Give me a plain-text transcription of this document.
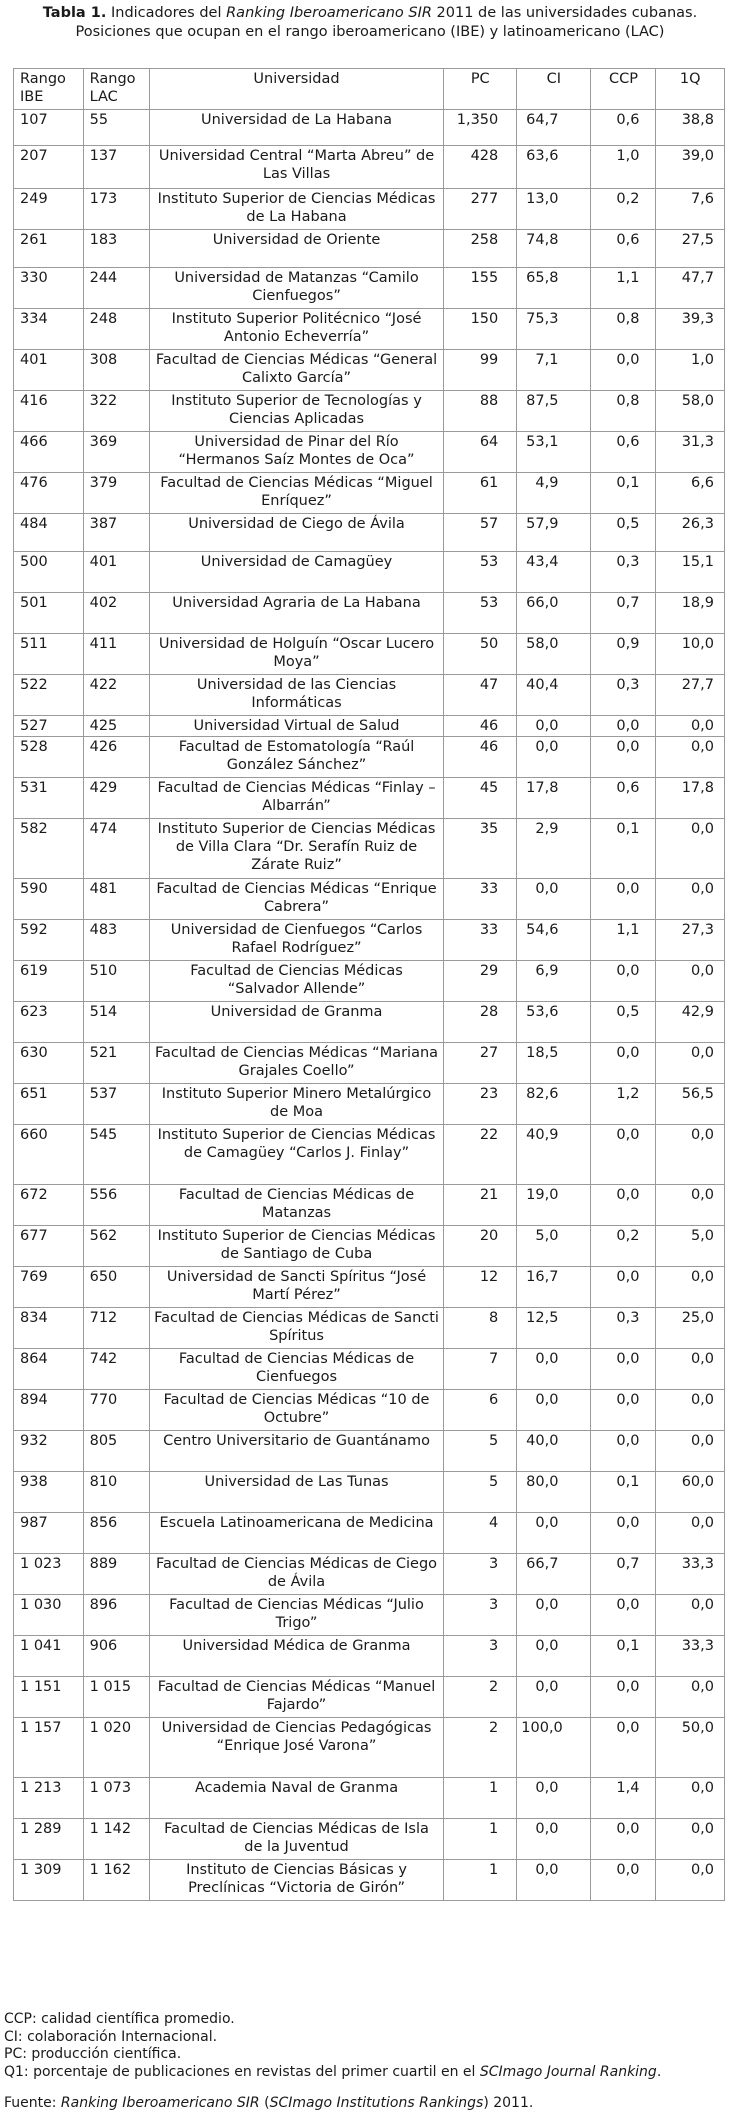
Tabla 1. Indicadores del Ranking Iberoamericano SIR 2011 de las universidades cubanas. Posiciones que ocupan en el rango iberoamericano (IBE) y latinoamericano (LAC)
Rango IBE	Rango LAC	Universidad	PC	CI	CCP	1Q
107	55	Universidad de La Habana	1,350	64,7	0,6	38,8
207	137	Universidad Central “Marta Abreu” de Las Villas	428	63,6	1,0	39,0
249	173	Instituto Superior de Ciencias Médicas de La Habana	277	13,0	0,2	7,6
261	183	Universidad de Oriente	258	74,8	0,6	27,5
330	244	Universidad de Matanzas “Camilo Cienfuegos”	155	65,8	1,1	47,7
334	248	Instituto Superior Politécnico “José Antonio Echeverría”	150	75,3	0,8	39,3
401	308	Facultad de Ciencias Médicas “General Calixto García”	99	7,1	0,0	1,0
416	322	Instituto Superior de Tecnologías y Ciencias Aplicadas	88	87,5	0,8	58,0
466	369	Universidad de Pinar del Río “Hermanos Saíz Montes de Oca”	64	53,1	0,6	31,3
476	379	Facultad de Ciencias Médicas “Miguel Enríquez”	61	4,9	0,1	6,6
484	387	Universidad de Ciego de Ávila	57	57,9	0,5	26,3
500	401	Universidad de Camagüey	53	43,4	0,3	15,1
501	402	Universidad Agraria de La Habana	53	66,0	0,7	18,9
511	411	Universidad de Holguín “Oscar Lucero Moya”	50	58,0	0,9	10,0
522	422	Universidad de las Ciencias Informáticas	47	40,4	0,3	27,7
527	425	Universidad Virtual de Salud	46	0,0	0,0	0,0
528	426	Facultad de Estomatología “Raúl González Sánchez”	46	0,0	0,0	0,0
531	429	Facultad de Ciencias Médicas “Finlay – Albarrán”	45	17,8	0,6	17,8
582	474	Instituto Superior de Ciencias Médicas de Villa Clara “Dr. Serafín Ruiz de Zárate Ruiz”	35	2,9	0,1	0,0
590	481	Facultad de Ciencias Médicas “Enrique Cabrera”	33	0,0	0,0	0,0
592	483	Universidad de Cienfuegos “Carlos Rafael Rodríguez”	33	54,6	1,1	27,3
619	510	Facultad de Ciencias Médicas “Salvador Allende”	29	6,9	0,0	0,0
623	514	Universidad de Granma	28	53,6	0,5	42,9
630	521	Facultad de Ciencias Médicas “Mariana Grajales Coello”	27	18,5	0,0	0,0
651	537	Instituto Superior Minero Metalúrgico de Moa	23	82,6	1,2	56,5
660	545	Instituto Superior de Ciencias Médicas de Camagüey “Carlos J. Finlay”	22	40,9	0,0	0,0
672	556	Facultad de Ciencias Médicas de Matanzas	21	19,0	0,0	0,0
677	562	Instituto Superior de Ciencias Médicas de Santiago de Cuba	20	5,0	0,2	5,0
769	650	Universidad de Sancti Spíritus “José Martí Pérez”	12	16,7	0,0	0,0
834	712	Facultad de Ciencias Médicas de Sancti Spíritus	8	12,5	0,3	25,0
864	742	Facultad de Ciencias Médicas de Cienfuegos	7	0,0	0,0	0,0
894	770	Facultad de Ciencias Médicas “10 de Octubre”	6	0,0	0,0	0,0
932	805	Centro Universitario de Guantánamo	5	40,0	0,0	0,0
938	810	Universidad de Las Tunas	5	80,0	0,1	60,0
987	856	Escuela Latinoamericana de Medicina	4	0,0	0,0	0,0
1 023	889	Facultad de Ciencias Médicas de Ciego de Ávila	3	66,7	0,7	33,3
1 030	896	Facultad de Ciencias Médicas “Julio Trigo”	3	0,0	0,0	0,0
1 041	906	Universidad Médica de Granma	3	0,0	0,1	33,3
1 151	1 015	Facultad de Ciencias Médicas “Manuel Fajardo”	2	0,0	0,0	0,0
1 157	1 020	Universidad de Ciencias Pedagógicas “Enrique José Varona”	2	100,0	0,0	50,0
1 213	1 073	Academia Naval de Granma	1	0,0	1,4	0,0
1 289	1 142	Facultad de Ciencias Médicas de Isla de la Juventud	1	0,0	0,0	0,0
1 309	1 162	Instituto de Ciencias Básicas y Preclínicas “Victoria de Girón”	1	0,0	0,0	0,0
CCP: calidad científica promedio.
CI: colaboración Internacional.
PC: producción científica.
Q1: porcentaje de publicaciones en revistas del primer cuartil en el SCImago Journal Ranking.
Fuente: Ranking Iberoamericano SIR (SCImago Institutions Rankings) 2011.
